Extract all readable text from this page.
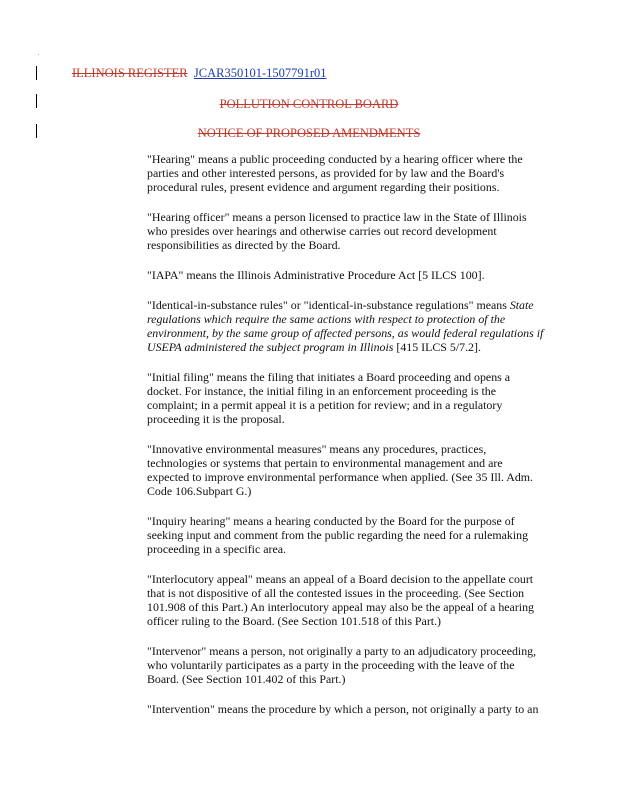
'
ILLINOIS REGISTER JCAR350101-1507791r01
POLLUTION CONTROL BOARD
NOTICE OF PROPOSED AMENDMENTS

"Hearing" means a public proceeding conducted by a hearing officer where the parties and other interested persons, as provided for by law and the Board's procedural rules, present evidence and argument regarding their positions.

"Hearing officer" means a person licensed to practice law in the State of Illinois who presides over hearings and otherwise carries out record development responsibilities as directed by the Board.

"IAPA" means the Illinois Administrative Procedure Act [5 ILCS 100].

"Identical-in-substance rules" or "identical-in-substance regulations" means State regulations which require the same actions with respect to protection of the environment, by the same group of affected persons, as would federal regulations if USEPA administered the subject program in Illinois [415 ILCS 5/7.2].

"Initial filing" means the filing that initiates a Board proceeding and opens a docket. For instance, the initial filing in an enforcement proceeding is the complaint; in a permit appeal it is a petition for review; and in a regulatory proceeding it is the proposal.

"Innovative environmental measures" means any procedures, practices, technologies or systems that pertain to environmental management and are expected to improve environmental performance when applied. (See 35 Ill. Adm. Code 106.Subpart G.)

"Inquiry hearing" means a hearing conducted by the Board for the purpose of seeking input and comment from the public regarding the need for a rulemaking proceeding in a specific area.

"Interlocutory appeal" means an appeal of a Board decision to the appellate court that is not dispositive of all the contested issues in the proceeding. (See Section 101.908 of this Part.) An interlocutory appeal may also be the appeal of a hearing officer ruling to the Board. (See Section 101.518 of this Part.)

"Intervenor" means a person, not originally a party to an adjudicatory proceeding, who voluntarily participates as a party in the proceeding with the leave of the Board. (See Section 101.402 of this Part.)

"Intervention" means the procedure by which a person, not originally a party to an
